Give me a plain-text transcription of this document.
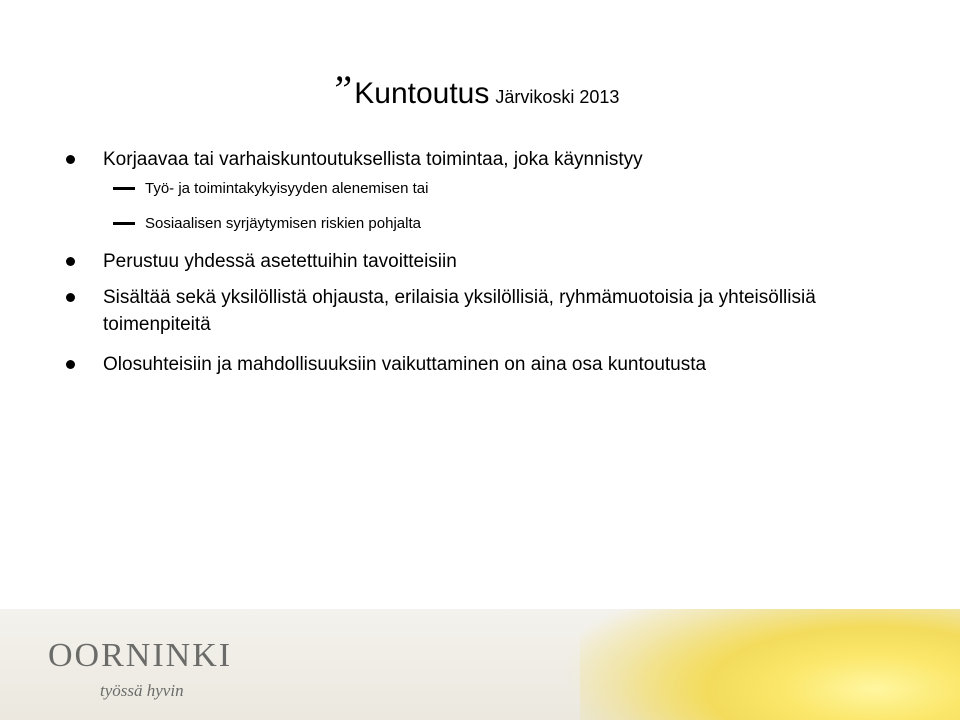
” Kuntoutus Järvikoski 2013
Korjaavaa tai varhaiskuntoutuksellista toimintaa, joka käynnistyy
Työ- ja toimintakykyisyyden alenemisen tai
Sosiaalisen syrjäytymisen riskien pohjalta
Perustuu yhdessä asetettuihin tavoitteisiin
Sisältää sekä yksilöllistä ohjausta, erilaisia yksilöllisiä, ryhmämuotoisia ja yhteisöllisiä toimenpiteitä
Olosuhteisiin ja mahdollisuuksiin vaikuttaminen on aina osa kuntoutusta
OORNINKI
työssä hyvin
